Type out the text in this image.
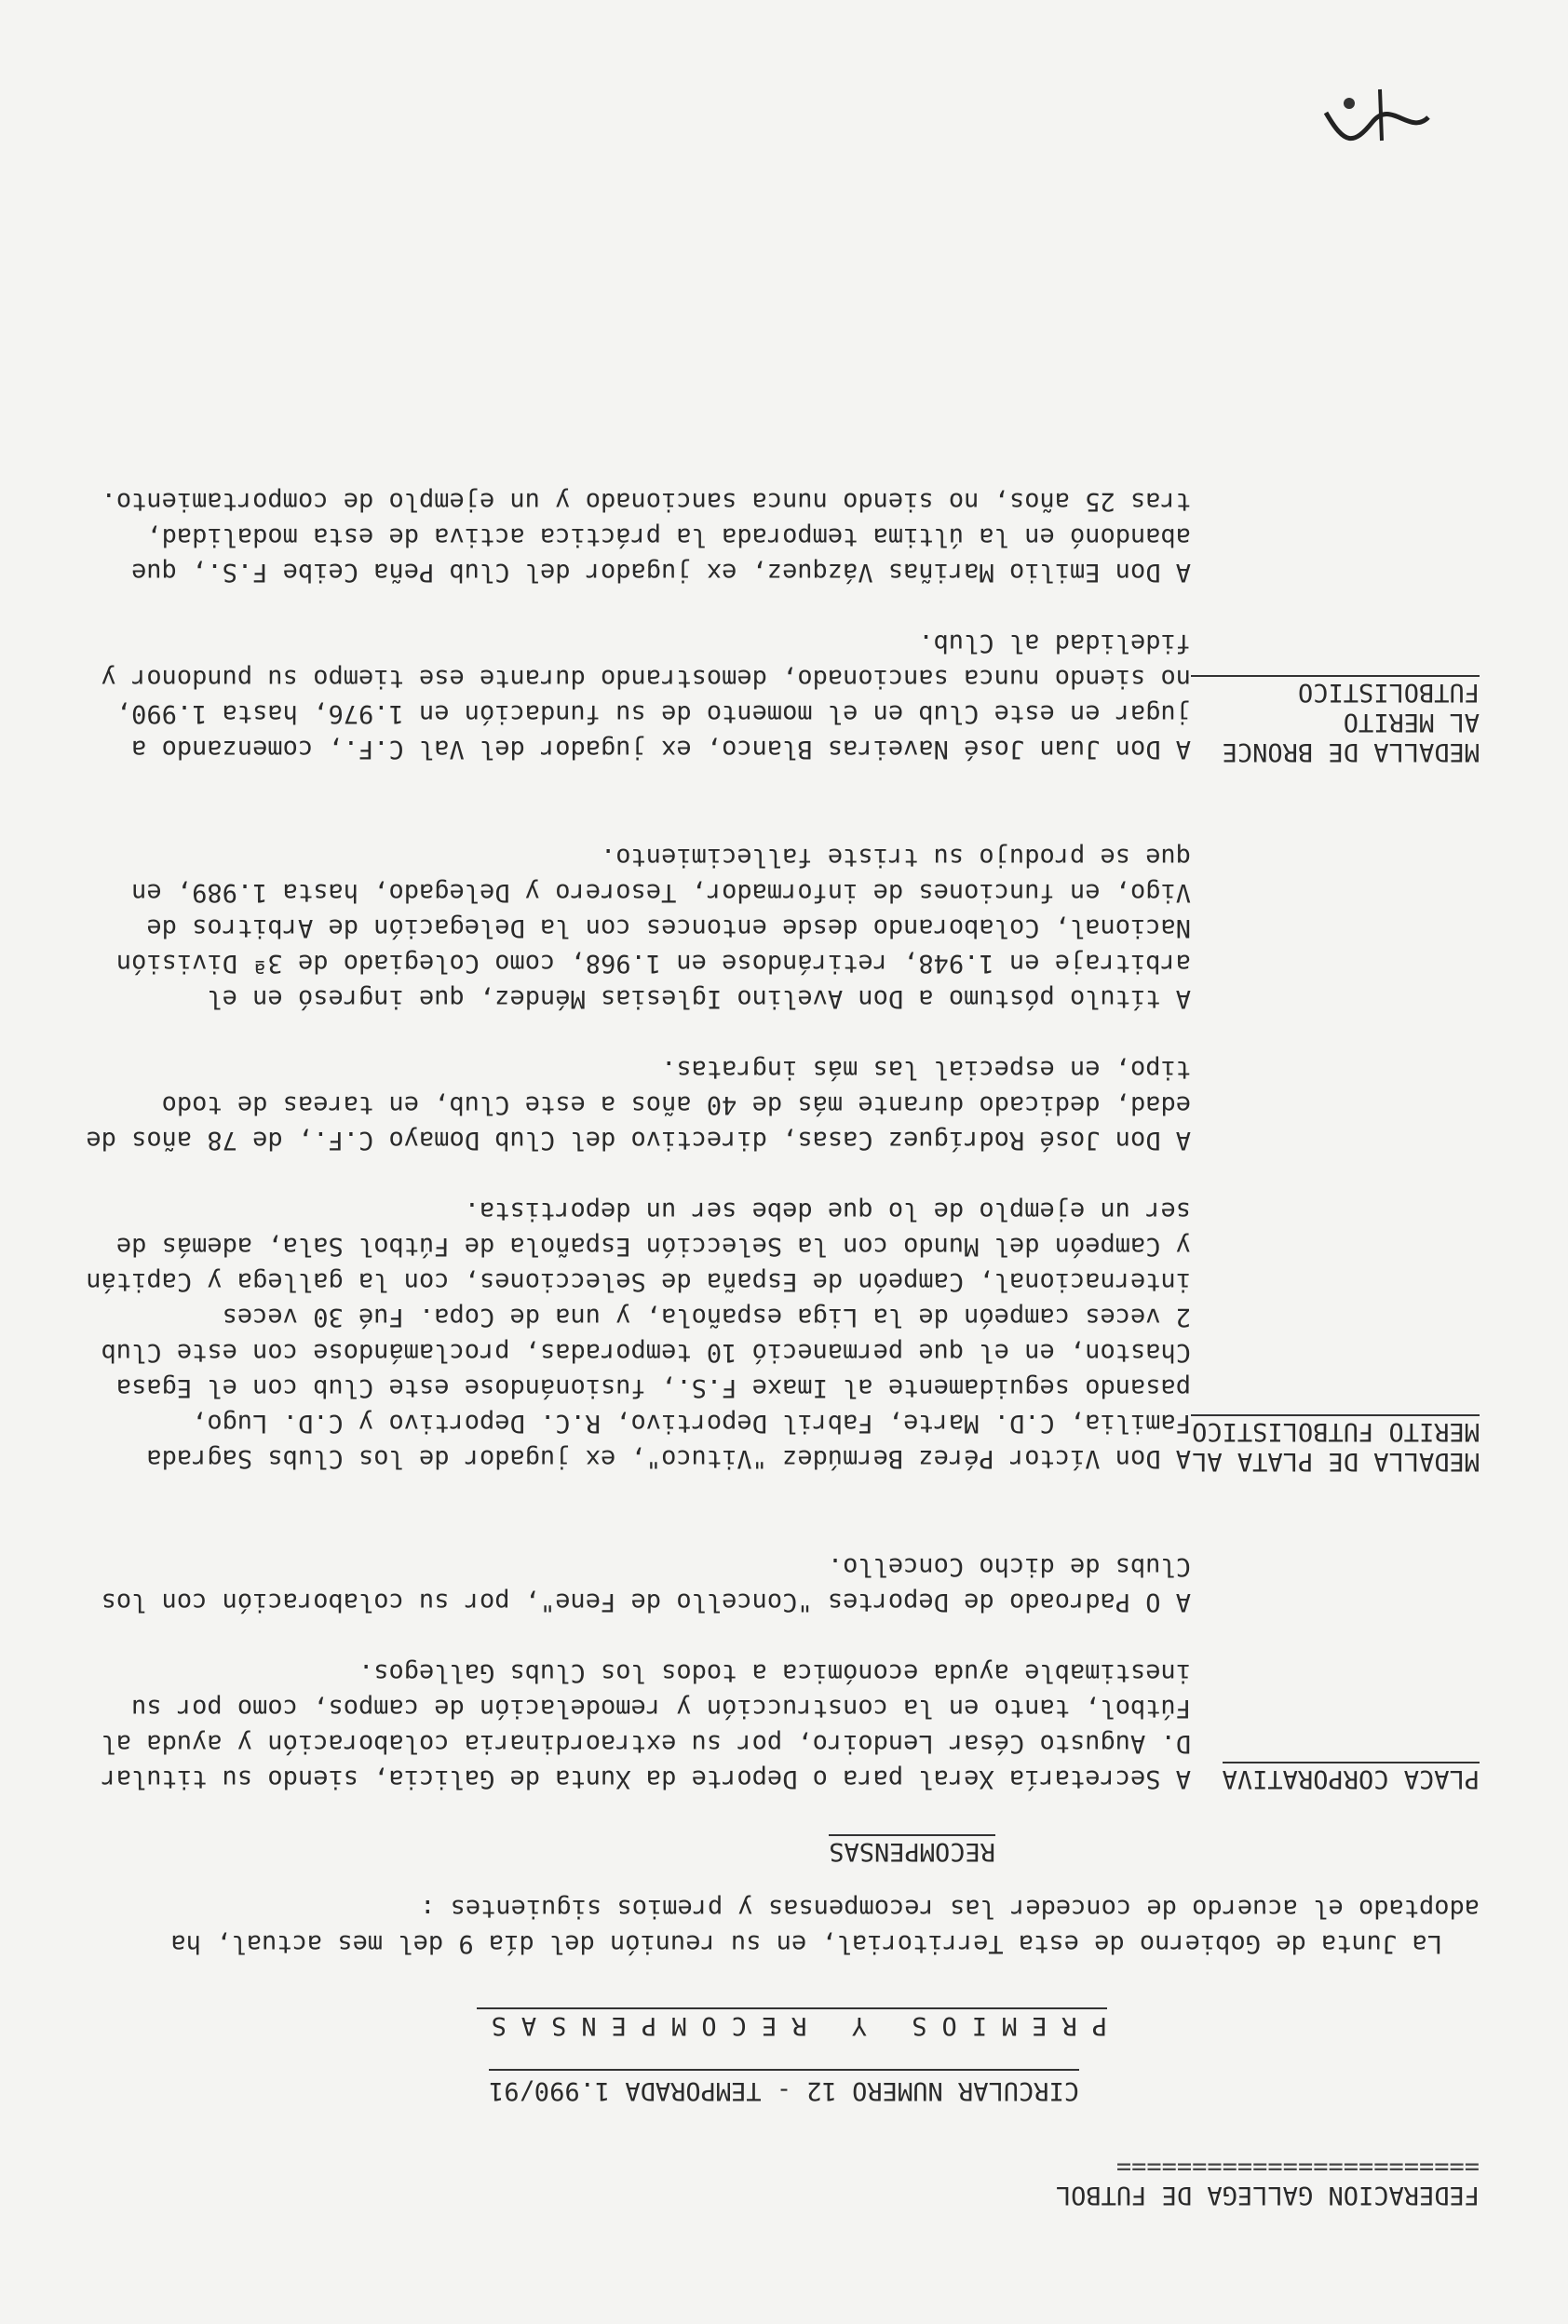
FEDERACION GALLEGA DE FUTBOL
========================
CIRCULAR NUMERO 12 - TEMPORADA 1.990/91
PREMIOS Y RECOMPENSAS

La Junta de Gobierno de esta Territorial, en su reunión del día 9 del mes actual, ha adoptado el acuerdo de conceder las recompensas y premios siguientes :

RECOMPENSAS
PLACA CORPORATIVA

A Secretaría Xeral para o Deporte da Xunta de Galicia, siendo su titular D. Augusto César Lendoiro, por su extraordinaria colaboración y ayuda al Fútbol, tanto en la construcción y remodelación de campos, como por su inestimable ayuda económica a todos los Clubs Gallegos.

A O Padroado de Deportes "Concello de Fene", por su colaboración con los Clubs de dicho Concello.

MEDALLA DE PLATA AL MERITO FUTBOLISTICO

A Don Víctor Pérez Bermúdez "Vituco", ex jugador de los Clubs Sagrada Familia, C.D. Marte, Fabril Deportivo, R.C. Deportivo y C.D. Lugo, pasando seguidamente al Imaxe F.S., fusionándose este Club con el Egasa Chaston, en el que permaneció 10 temporadas, proclamándose con este Club 2 veces campeón de la Liga española, y una de Copa. Fué 30 veces internacional, Campeón de España de Selecciones, con la gallega y Capitán y Campeón del Mundo con la Selección Española de Fútbol Sala, además de ser un ejemplo de lo que debe ser un deportista.

A Don José Rodríguez Casas, directivo del Club Domayo C.F., de 78 años de edad, dedicado durante más de 40 años a este Club, en tareas de todo tipo, en especial las más ingratas.

A título póstumo a Don Avelino Iglesias Méndez, que ingresó en el arbitraje en 1.948, retirándose en 1.968, como Colegiado de 3ª División Nacional, Colaborando desde entonces con la Delegación de Arbitros de Vigo, en funciones de informador, Tesorero y Delegado, hasta 1.989, en que se produjo su triste fallecimiento.

MEDALLA DE BRONCE AL MERITO FUTBOLISTICO

A Don Juan José Naveiras Blanco, ex jugador del Val C.F., comenzando a jugar en este Club en el momento de su fundación en 1.976, hasta 1.990, no siendo nunca sancionado, demostrando durante ese tiempo su pundonor y fidelidad al Club.

A Don Emilio Mariñas Vázquez, ex jugador del Club Peña Ceibe F.S., que abandonó en la última temporada la práctica activa de esta modalidad, tras 25 años, no siendo nunca sancionado y un ejemplo de comportamiento.
